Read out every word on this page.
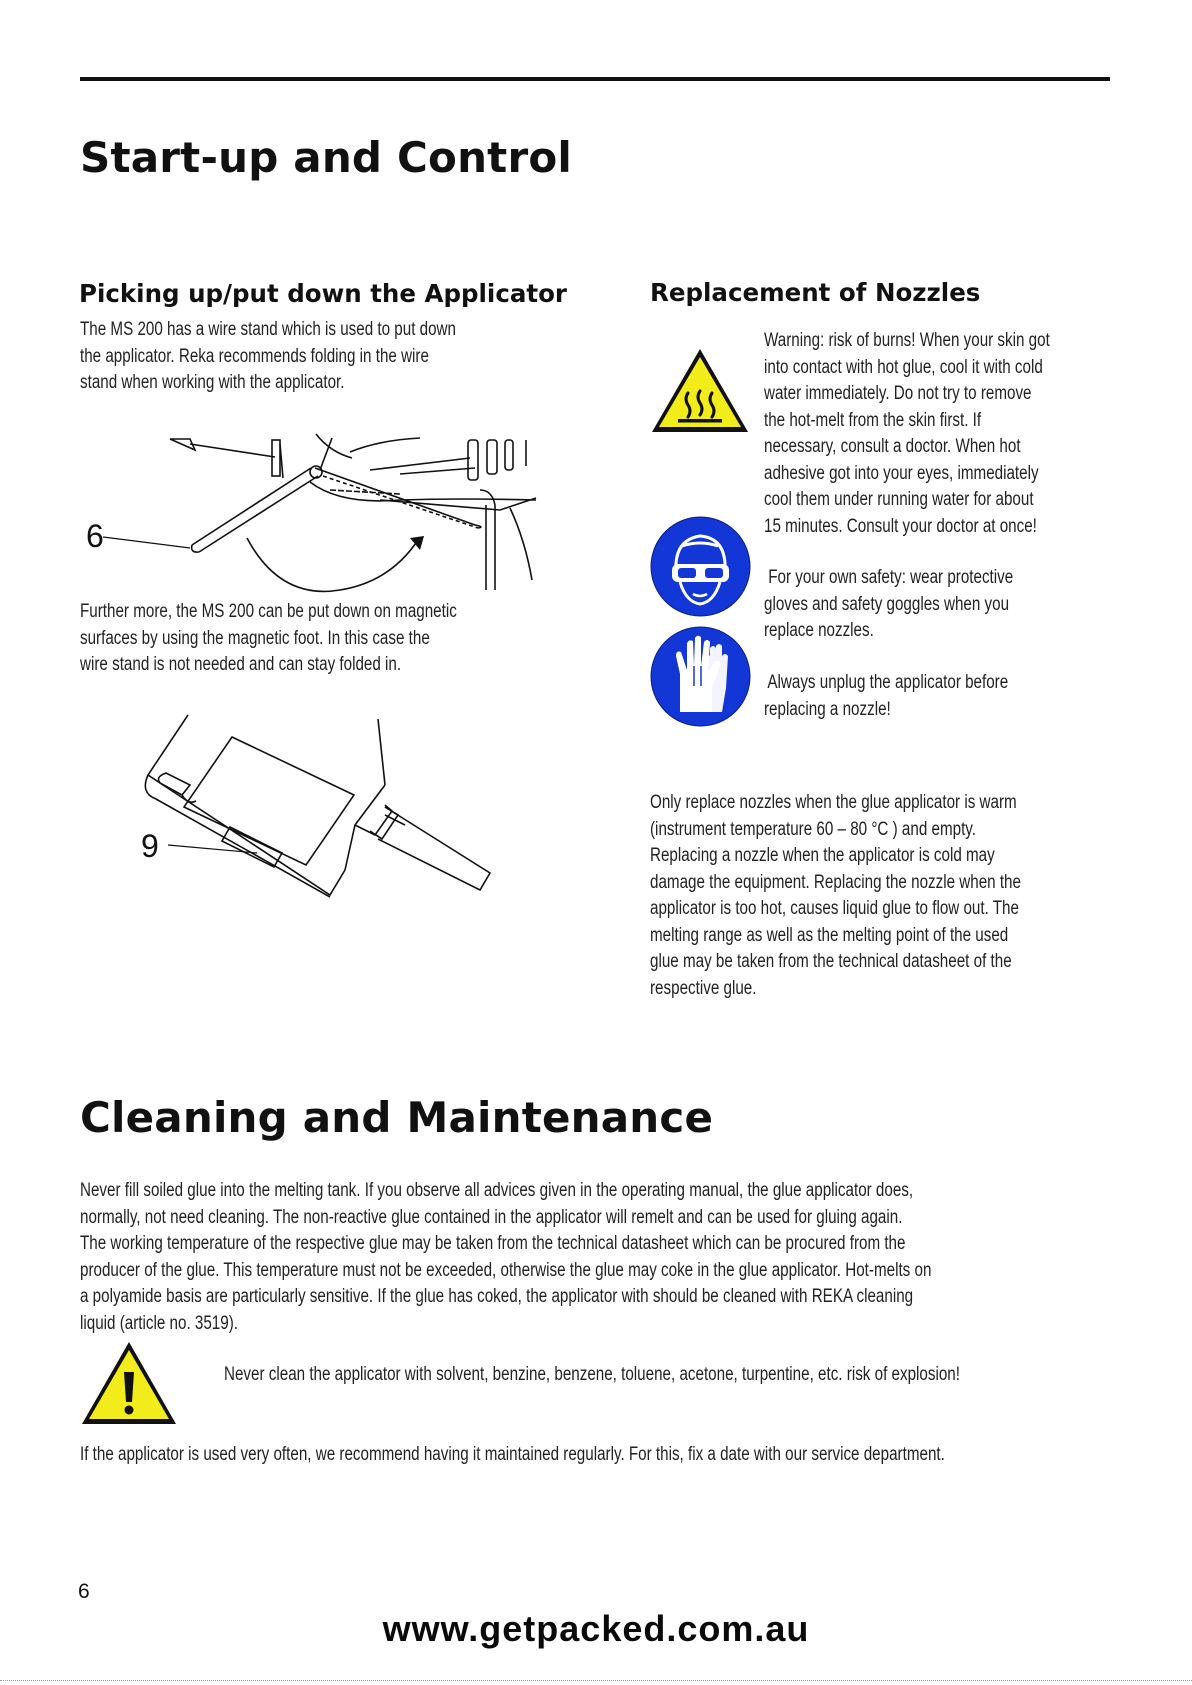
Start-up and Control
Picking up/put down the Applicator
The MS 200 has a wire stand which is used to put down
the applicator. Reka recommends folding in the wire
stand when working with the applicator.
6
Further more, the MS 200 can be put down on magnetic
surfaces by using the magnetic foot. In this case the
wire stand is not needed and can stay folded in.
9
Replacement of Nozzles
Warning: risk of burns! When your skin got
into contact with hot glue, cool it with cold
water immediately. Do not try to remove
the hot-melt from the skin first. If
necessary, consult a doctor. When hot
adhesive got into your eyes, immediately
cool them under running water for about
15 minutes. Consult your doctor at once!
For your own safety: wear protective
gloves and safety goggles when you
replace nozzles.
Always unplug the applicator before
replacing a nozzle!
Only replace nozzles when the glue applicator is warm
(instrument temperature 60 – 80 °C ) and empty.
Replacing a nozzle when the applicator is cold may
damage the equipment. Replacing the nozzle when the
applicator is too hot, causes liquid glue to flow out. The
melting range as well as the melting point of the used
glue may be taken from the technical datasheet of the
respective glue.
Cleaning and Maintenance
Never fill soiled glue into the melting tank. If you observe all advices given in the operating manual, the glue applicator does,
normally, not need cleaning. The non-reactive glue contained in the applicator will remelt and can be used for gluing again.
The working temperature of the respective glue may be taken from the technical datasheet which can be procured from the
producer of the glue. This temperature must not be exceeded, otherwise the glue may coke in the glue applicator. Hot-melts on
a polyamide basis are particularly sensitive. If the glue has coked, the applicator with should be cleaned with REKA cleaning
liquid (article no. 3519).
Never clean the applicator with solvent, benzine, benzene, toluene, acetone, turpentine, etc. risk of explosion!
If the applicator is used very often, we recommend having it maintained regularly. For this, fix a date with our service department.
6
www.getpacked.com.au
